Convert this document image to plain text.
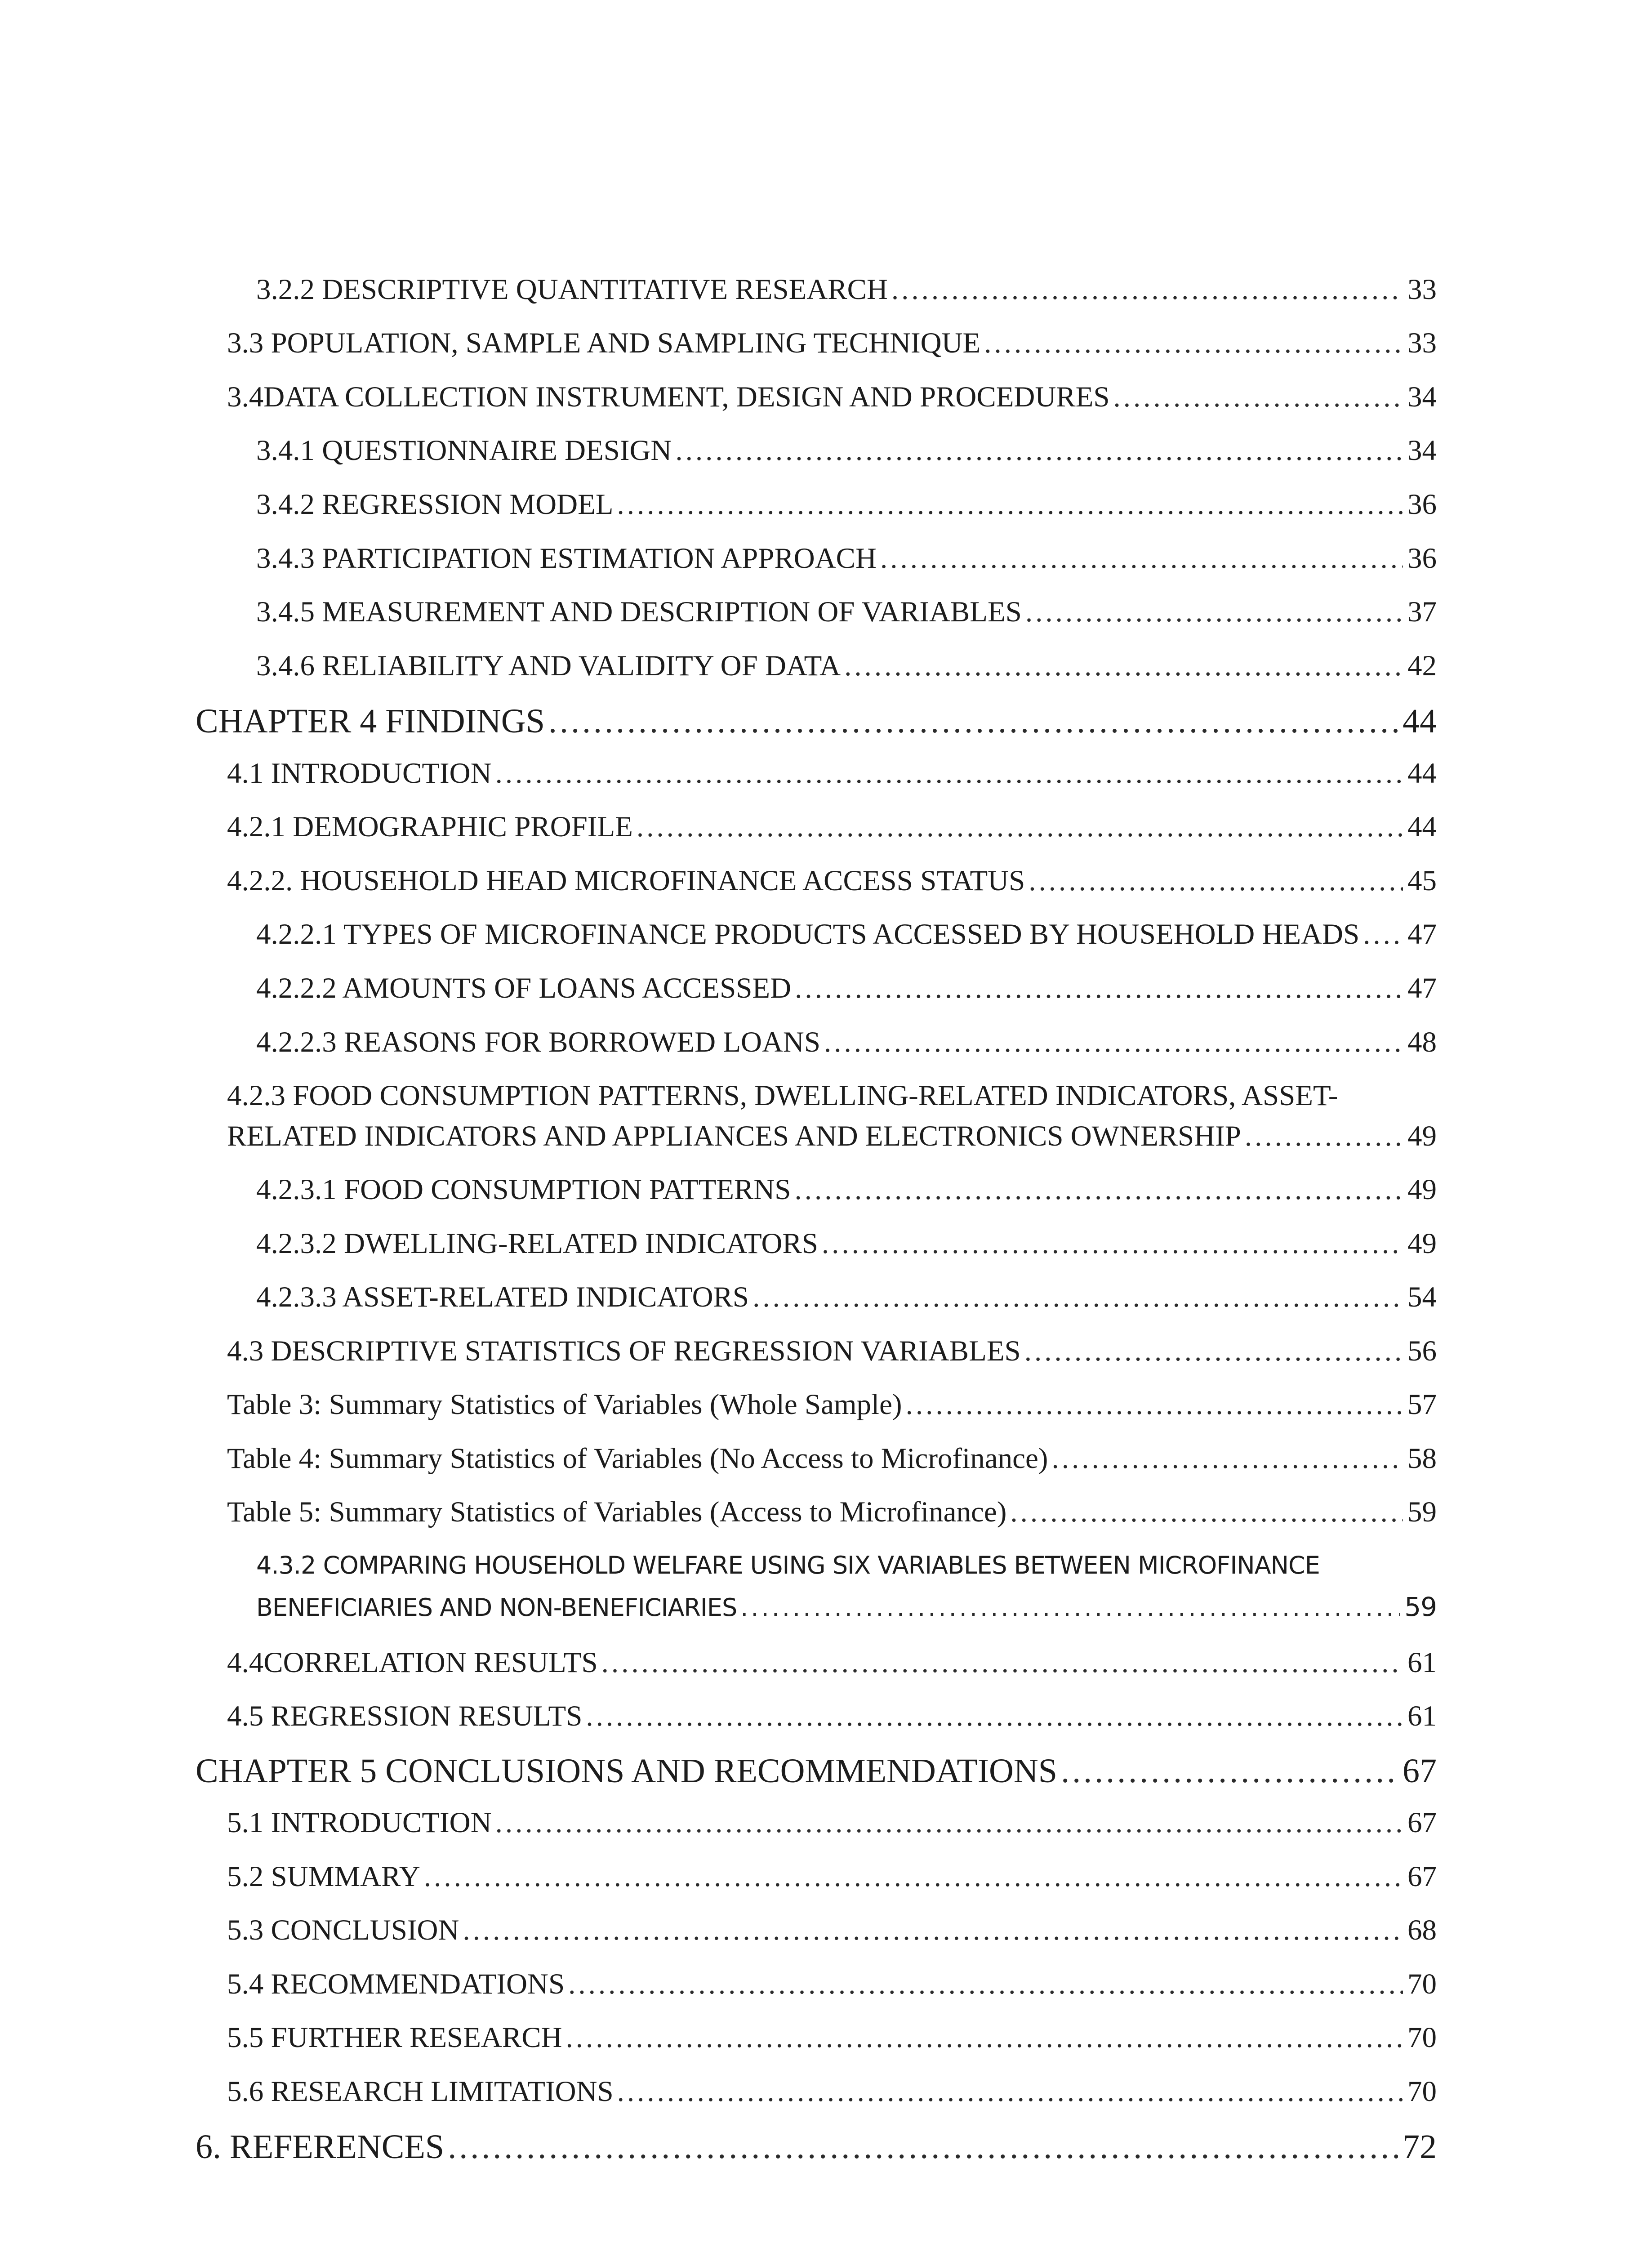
3.2.2 DESCRIPTIVE QUANTITATIVE RESEARCH .....	33
3.3 POPULATION, SAMPLE AND SAMPLING TECHNIQUE .....	33
3.4DATA COLLECTION INSTRUMENT, DESIGN AND PROCEDURES .....	34
3.4.1 QUESTIONNAIRE DESIGN .....	34
3.4.2 REGRESSION MODEL .....	36
3.4.3 PARTICIPATION ESTIMATION APPROACH .....	36
3.4.5 MEASUREMENT AND DESCRIPTION OF VARIABLES .....	37
3.4.6 RELIABILITY AND VALIDITY OF DATA .....	42
CHAPTER 4 FINDINGS .....	44
4.1 INTRODUCTION .....	44
4.2.1 DEMOGRAPHIC PROFILE .....	44
4.2.2. HOUSEHOLD HEAD MICROFINANCE ACCESS STATUS .....	45
4.2.2.1 TYPES OF MICROFINANCE PRODUCTS ACCESSED BY HOUSEHOLD HEADS ..... 47
4.2.2.2 AMOUNTS OF LOANS ACCESSED .....	47
4.2.2.3 REASONS FOR BORROWED LOANS .....	48
4.2.3 FOOD CONSUMPTION PATTERNS, DWELLING-RELATED INDICATORS, ASSET-
RELATED INDICATORS AND APPLIANCES AND ELECTRONICS OWNERSHIP .....	49
4.2.3.1 FOOD CONSUMPTION PATTERNS .....	49
4.2.3.2 DWELLING-RELATED INDICATORS .....	49
4.2.3.3 ASSET-RELATED INDICATORS .....	54
4.3 DESCRIPTIVE STATISTICS OF REGRESSION VARIABLES .....	56
Table 3: Summary Statistics of Variables (Whole Sample) .....	57
Table 4: Summary Statistics of Variables (No Access to Microfinance) .....	58
Table 5: Summary Statistics of Variables (Access to Microfinance) .....	59
4.3.2 COMPARING HOUSEHOLD WELFARE USING SIX VARIABLES BETWEEN MICROFINANCE
BENEFICIARIES AND NON-BENEFICIARIES .....	59
4.4CORRELATION RESULTS .....	61
4.5 REGRESSION RESULTS .....	61
CHAPTER 5 CONCLUSIONS AND RECOMMENDATIONS .....	67
5.1 INTRODUCTION .....	67
5.2 SUMMARY .....	67
5.3 CONCLUSION .....	68
5.4 RECOMMENDATIONS .....	70
5.5 FURTHER RESEARCH .....	70
5.6 RESEARCH LIMITATIONS .....	70
6. REFERENCES .....	72
